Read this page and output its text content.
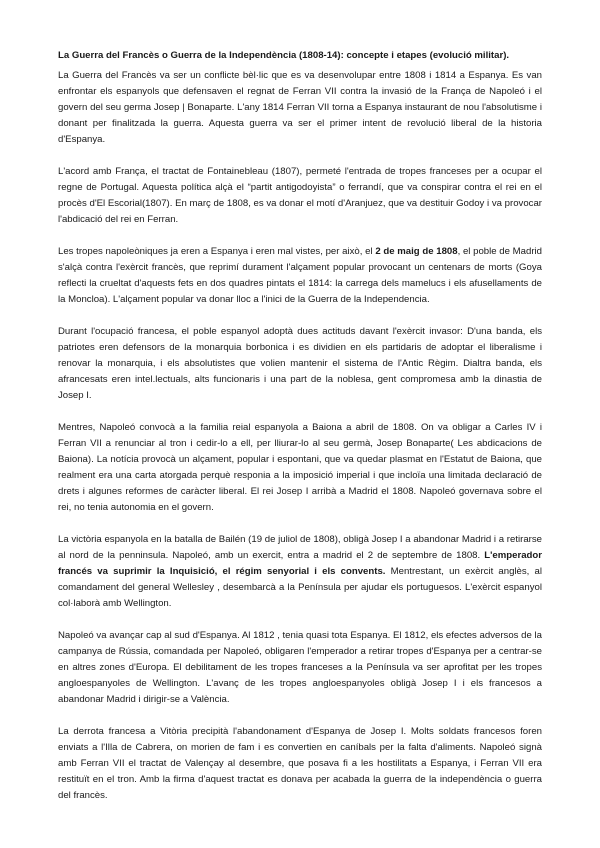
La Guerra del Francès o Guerra de la Independència (1808-14): concepte i etapes (evolució militar).

La Guerra del Francès va ser un conflicte bèl·lic que es va desenvolupar entre 1808 i 1814 a Espanya. Es van enfrontar els espanyols que defensaven el regnat de Ferran VII contra la invasió de la França de Napoleó i el govern del seu germa Josep | Bonaparte. L'any 1814 Ferran VII torna a Espanya instaurant de nou l'absolutisme i donant per finalitzada la guerra. Aquesta guerra va ser el primer intent de revolució liberal de la historia d'Espanya.

L'acord amb França, el tractat de Fontainebleau (1807), permeté l'entrada de tropes franceses per a ocupar el regne de Portugal. Aquesta política alçà el “partit antigodoyista” o ferrandí, que va conspirar contra el rei en el procès d'El Escorial(1807). En març de 1808, es va donar el motí d'Aranjuez, que va destituir Godoy i va provocar l'abdicació del rei en Ferran.

Les tropes napoleòniques ja eren a Espanya i eren mal vistes, per això, el 2 de maig de 1808, el poble de Madrid s'alçà contra l'exèrcit francès, que reprimí durament l'alçament popular provocant un centenars de morts (Goya reflecti la crueltat d'aquests fets en dos quadres pintats el 1814: la carrega dels mamelucs i els afusellaments de la Moncloa). L'alçament popular va donar lloc a l'inici de la Guerra de la Independencia.

Durant l'ocupació francesa, el poble espanyol adoptà dues actituds davant l'exèrcit invasor: D'una banda, els patriotes eren defensors de la monarquia borbonica i es dividien en els partidaris de adoptar el liberalisme i renovar la monarquia, i els absolutistes que volien mantenir el sistema de l'Antic Règim. Dialtra banda, els afrancesats eren intel.lectuals, alts funcionaris i una part de la noblesa, gent compromesa amb la dinastia de Josep I.

Mentres, Napoleó convocà a la familia reial espanyola a Baiona a abril de 1808. On va obligar a Carles IV i Ferran VII a renunciar al tron i cedir-lo a ell, per lliurar-lo al seu germà, Josep Bonaparte( Les abdicacions de Baiona). La notícia provocà un alçament, popular i espontani, que va quedar plasmat en l'Estatut de Baiona, que realment era una carta atorgada perquè responia a la imposició imperial i que incloïa una limitada declaració de drets i algunes reformes de caràcter liberal. El rei Josep I arribà a Madrid el 1808. Napoleó governava sobre el rei, no tenia autonomia en el govern.

La victòria espanyola en la batalla de Bailén (19 de juliol de 1808), obligà Josep I a abandonar Madrid i a retirarse al nord de la penninsula. Napoleó, amb un exercit, entra a madrid el 2 de septembre de 1808. L'emperador francés va suprimir la Inquisició, el régim senyorial i els convents. Mentrestant, un exèrcit anglès, al comandament del general Wellesley , desembarcà a la Península per ajudar els portuguesos. L'exèrcit espanyol col·laborà amb Wellington.

Napoleó va avançar cap al sud d'Espanya. Al 1812 , tenia quasi tota Espanya. El 1812, els efectes adversos de la campanya de Rússia, comandada per Napoleó, obligaren l'emperador a retirar tropes d'Espanya per a centrar-se en altres zones d'Europa. El debilitament de les tropes franceses a la Península va ser aprofitat per les tropes angloespanyoles de Wellington. L'avanç de les tropes angloespanyoles obligà Josep I i els francesos a abandonar Madrid i dirigir-se a València.

La derrota francesa a Vitòria precipità l'abandonament d'Espanya de Josep I. Molts soldats francesos foren enviats a l'Illa de Cabrera, on morien de fam i es convertien en caníbals per la falta d'aliments. Napoleó signà amb Ferran VII el tractat de Valençay al desembre, que posava fi a les hostilitats a Espanya, i Ferran VII era restituït en el tron. Amb la firma d'aquest tractat es donava per acabada la guerra de la independència o guerra del francès.
